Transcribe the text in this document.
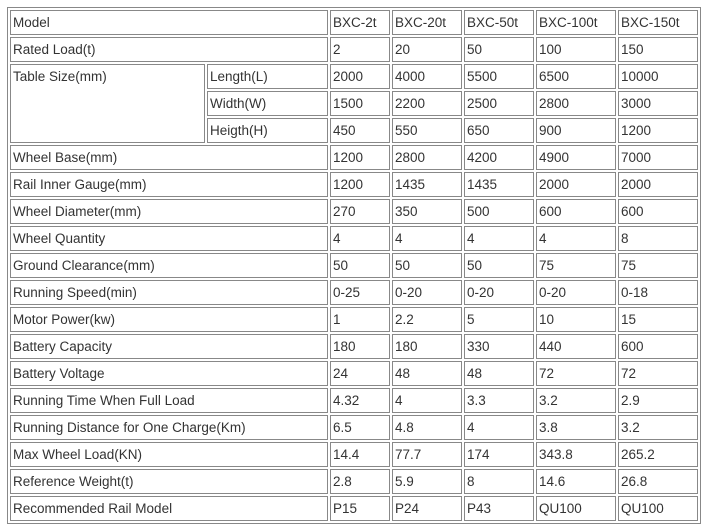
Model		BXC-2t	BXC-20t	BXC-50t	BXC-100t	BXC-150t
Rated Load(t)		2	20	50	100	150
Table Size(mm)	Length(L)	2000	4000	5500	6500	10000
	Width(W)	1500	2200	2500	2800	3000
	Heigth(H)	450	550	650	900	1200
Wheel Base(mm)		1200	2800	4200	4900	7000
Rail Inner Gauge(mm)		1200	1435	1435	2000	2000
Wheel Diameter(mm)		270	350	500	600	600
Wheel Quantity		4	4	4	4	8
Ground Clearance(mm)		50	50	50	75	75
Running Speed(min)		0-25	0-20	0-20	0-20	0-18
Motor Power(kw)		1	2.2	5	10	15
Battery Capacity		180	180	330	440	600
Battery Voltage		24	48	48	72	72
Running Time When Full Load		4.32	4	3.3	3.2	2.9
Running Distance for One Charge(Km)		6.5	4.8	4	3.8	3.2
Max Wheel Load(KN)		14.4	77.7	174	343.8	265.2
Reference Weight(t)		2.8	5.9	8	14.6	26.8
Recommended Rail Model		P15	P24	P43	QU100	QU100
